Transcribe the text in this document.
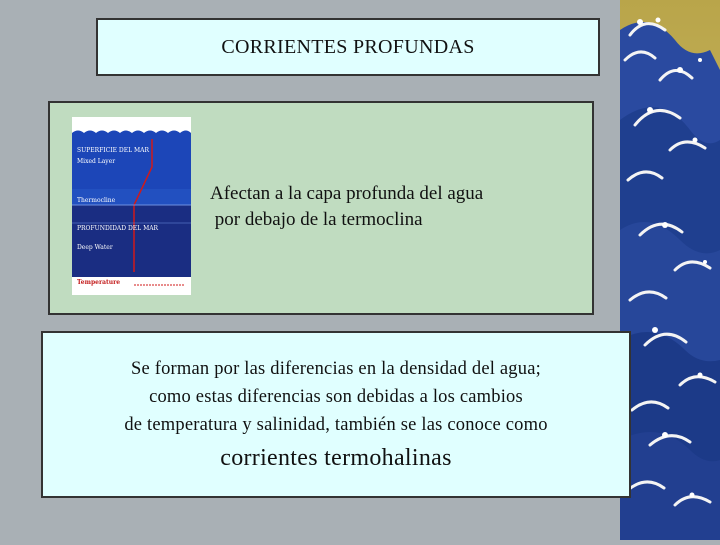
CORRIENTES PROFUNDAS
SUPERFICIE DEL MAR
Mixed Layer
Thermocline
PROFUNDIDAD DEL MAR
Deep Water
Temperature
Afectan a la capa profunda del agua
por debajo de la termoclina
Se forman por las diferencias en la densidad del agua;
como estas diferencias son debidas a los cambios
de temperatura y salinidad, también se las conoce como
corrientes termohalinas
